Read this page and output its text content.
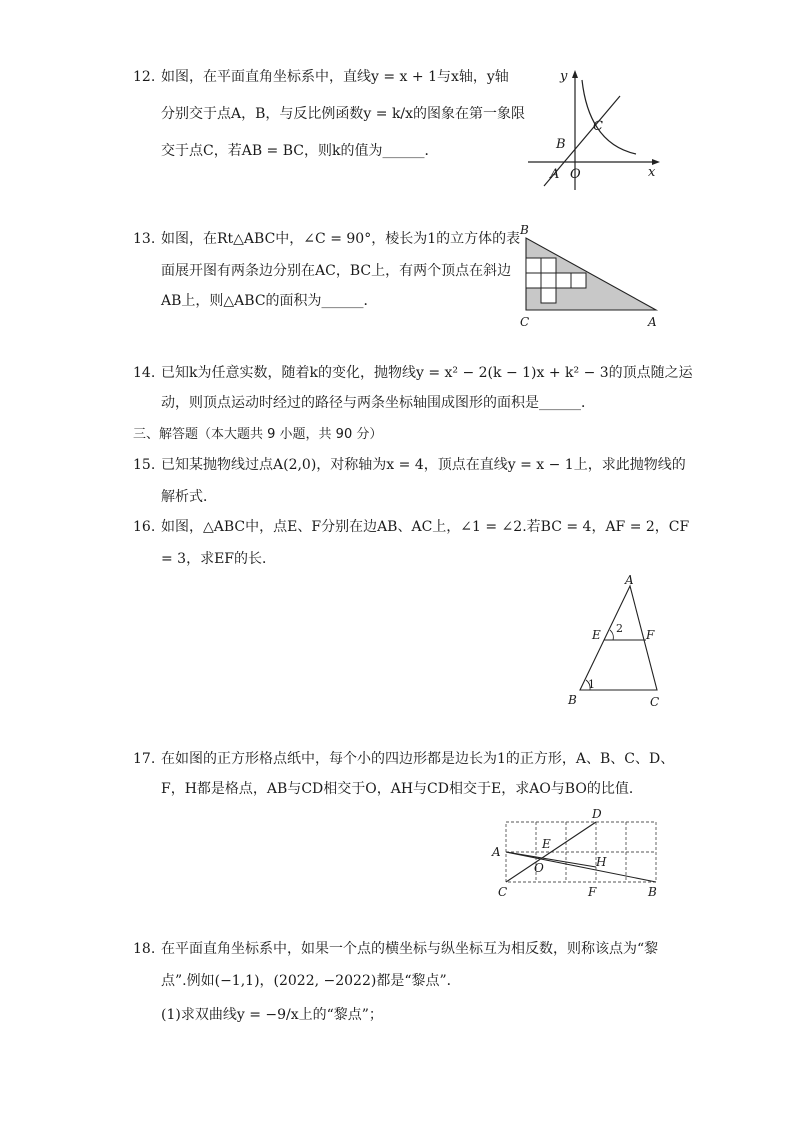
12. 如图，在平面直角坐标系中，直线y = x + 1与x轴，y轴
分别交于点A，B，与反比例函数y = k/x的图象在第一象限
交于点C，若AB = BC，则k的值为______．
y
x
B
C
A O
13. 如图，在Rt△ABC中，∠C = 90°，棱长为1的立方体的表
面展开图有两条边分别在AC，BC上，有两个顶点在斜边
AB上，则△ABC的面积为______．
B
C	A
14. 已知k为任意实数，随着k的变化，抛物线y = x² − 2(k − 1)x + k² − 3的顶点随之运
动，则顶点运动时经过的路径与两条坐标轴围成图形的面积是______．
三、解答题（本大题共 9 小题，共 90 分）
15. 已知某抛物线过点A(2,0)，对称轴为x = 4，顶点在直线y = x − 1上，求此抛物线的
解析式．
16. 如图，△ABC中，点E、F分别在边AB、AC上，∠1 = ∠2.若BC = 4，AF = 2，CF
= 3，求EF的长．
A
E	F
B	C
2
1
17. 在如图的正方形格点纸中，每个小的四边形都是边长为1的正方形，A、B、C、D、
F，H都是格点，AB与CD相交于O，AH与CD相交于E，求AO与BO的比值．
A
B
C
D
E
O	H
F
18. 在平面直角坐标系中，如果一个点的横坐标与纵坐标互为相反数，则称该点为“黎
点”.例如(−1,1)，(2022, −2022)都是“黎点”．
(1)求双曲线y = −9/x上的“黎点”；
